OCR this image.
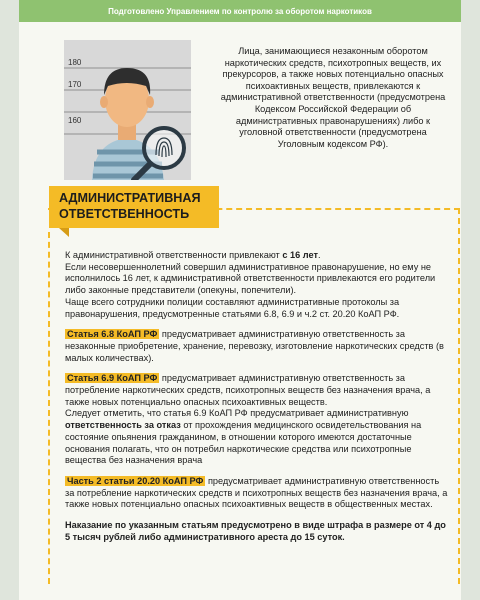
Подготовлено Управлением по контролю за оборотом наркотиков
180
170
160

Лица, занимающиеся незаконным оборотом наркотических средств, психотропных веществ, их прекурсоров, а также новых потенциально опасных психоактивных веществ, привлекаются к административной ответственности (предусмотрена Кодексом Российской Федерации об административных правонарушениях) либо к уголовной ответственности (предусмотрена Уголовным кодексом РФ).

АДМИНИСТРАТИВНАЯ
ОТВЕТСТВЕННОСТЬ

К административной ответственности привлекают с 16 лет.

Если несовершеннолетний совершил административное правонарушение, но ему не исполнилось 16 лет, к административной ответственности привлекаются его родители либо законные представители (опекуны, попечители).

Чаще всего сотрудники полиции составляют административные протоколы за правонарушения, предусмотренные статьями 6.8, 6.9 и ч.2 ст. 20.20 КоАП РФ.

Статья 6.8 КоАП РФ предусматривает административную ответственность за незаконные приобретение, хранение, перевозку, изготовление наркотических средств (в малых количествах).

Статья 6.9 КоАП РФ предусматривает административную ответственность за потребление наркотических средств, психотропных веществ без назначения врача, а также новых потенциально опасных психоактивных веществ.

Следует отметить, что статья 6.9 КоАП РФ предусматривает административную ответственность за отказ от прохождения медицинского освидетельствования на состояние опьянения гражданином, в отношении которого имеются достаточные основания полагать, что он потребил наркотические средства или психотропные вещества без назначения врача

Часть 2 статьи 20.20 КоАП РФ предусматривает административную ответственность за потребление наркотических средств и психотропных веществ без назначения врача, а также новых потенциально опасных психоактивных веществ в общественных местах.

Наказание по указанным статьям предусмотрено в виде штрафа в размере от 4 до 5 тысяч рублей либо административного ареста до 15 суток.
